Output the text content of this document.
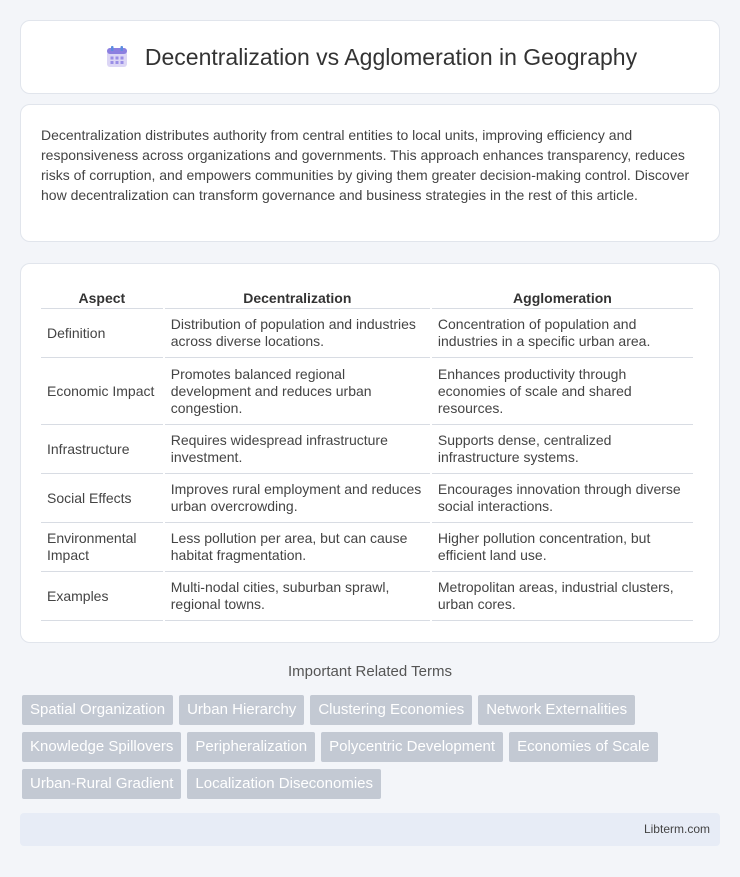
Decentralization vs Agglomeration in Geography

Decentralization distributes authority from central entities to local units, improving efficiency and responsiveness across organizations and governments. This approach enhances transparency, reduces risks of corruption, and empowers communities by giving them greater decision-making control. Discover how decentralization can transform governance and business strategies in the rest of this article.

Aspect	Decentralization	Agglomeration
Definition	Distribution of population and industries across diverse locations.	Concentration of population and industries in a specific urban area.
Economic Impact	Promotes balanced regional development and reduces urban congestion.	Enhances productivity through economies of scale and shared resources.
Infrastructure	Requires widespread infrastructure investment.	Supports dense, centralized infrastructure systems.
Social Effects	Improves rural employment and reduces urban overcrowding.	Encourages innovation through diverse social interactions.
Environmental Impact	Less pollution per area, but can cause habitat fragmentation.	Higher pollution concentration, but efficient land use.
Examples	Multi-nodal cities, suburban sprawl, regional towns.	Metropolitan areas, industrial clusters, urban cores.
Important Related Terms
Spatial Organization	Urban Hierarchy	Clustering Economies	Network Externalities
Knowledge Spillovers	Peripheralization	Polycentric Development	Economies of Scale
Urban-Rural Gradient	Localization Diseconomies
Libterm.com
